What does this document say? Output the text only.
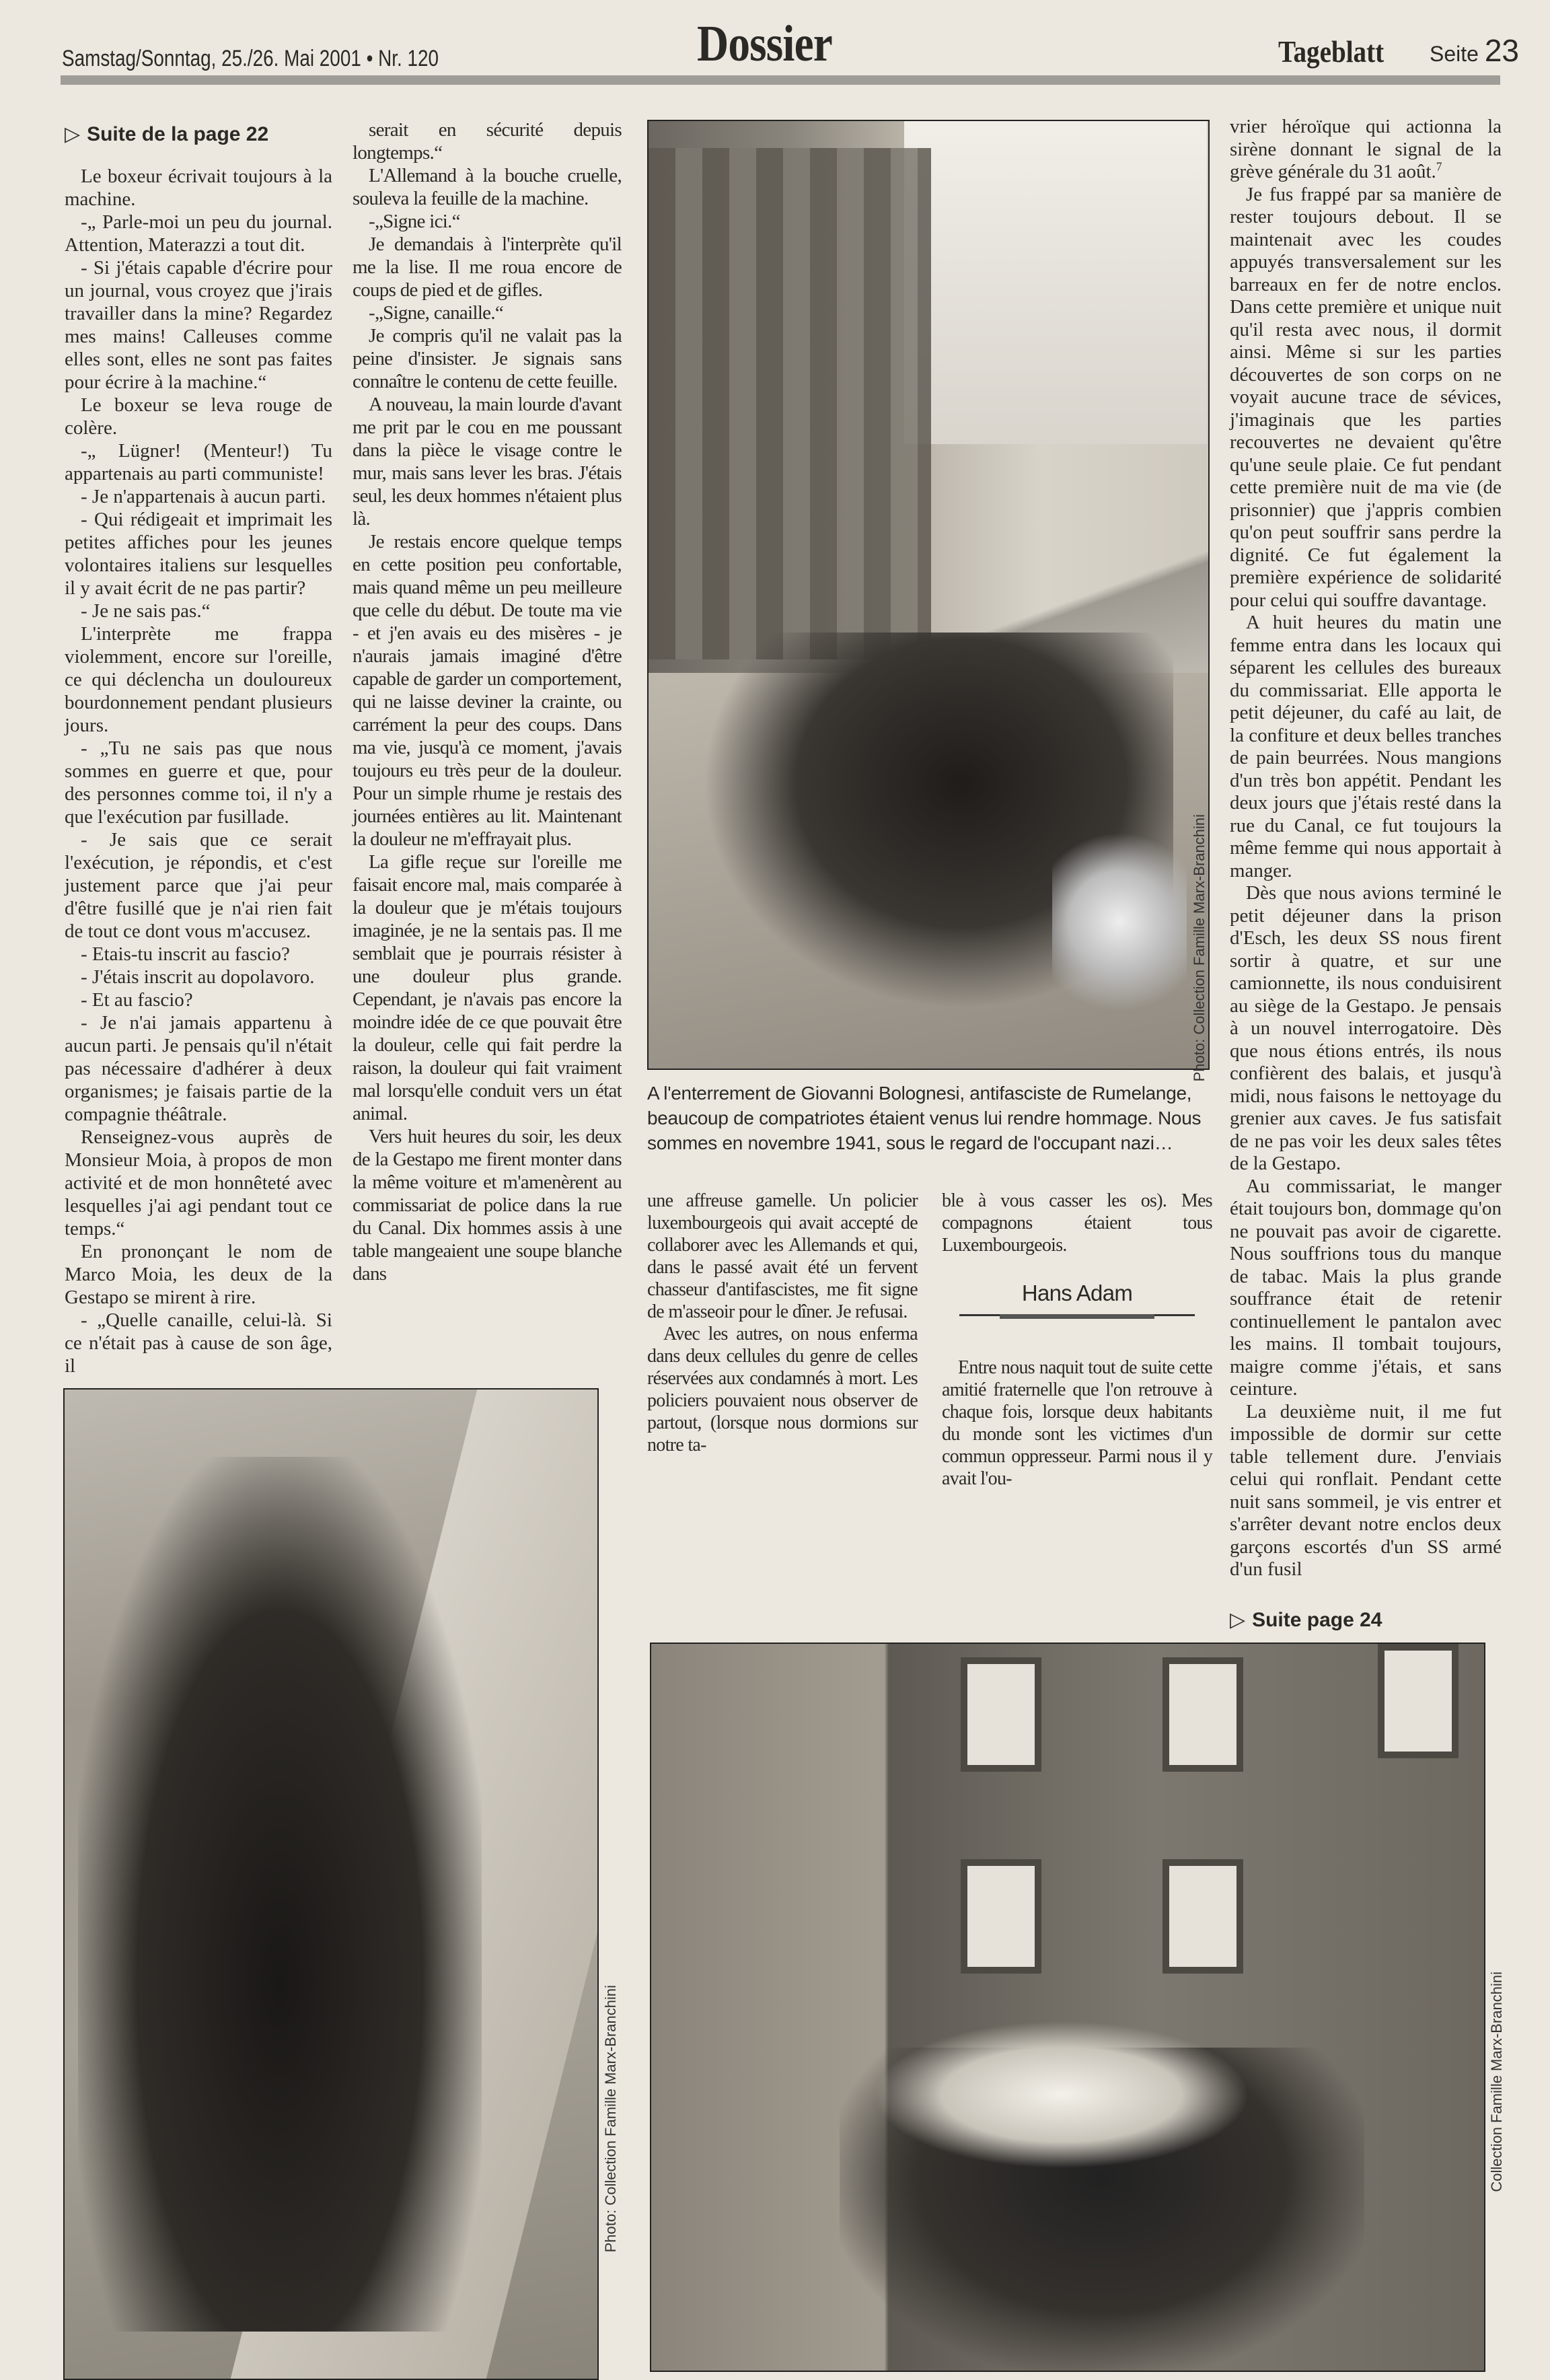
Samstag/Sonntag, 25./26. Mai 2001 • Nr. 120	Dossier	Tageblatt Seite 23

▷ Suite de la page 22

Le boxeur écrivait toujours à la machine.

-„ Parle-moi un peu du journal. Attention, Materazzi a tout dit.

- Si j'étais capable d'écrire pour un journal, vous croyez que j'irais travailler dans la mine? Regardez mes mains! Calleuses comme elles sont, elles ne sont pas faites pour écrire à la machine.“

Le boxeur se leva rouge de colère.

-„ Lügner! (Menteur!) Tu appartenais au parti communiste!

- Je n'appartenais à aucun parti.

- Qui rédigeait et imprimait les petites affiches pour les jeunes volontaires italiens sur lesquelles il y avait écrit de ne pas partir?

- Je ne sais pas.“

L'interprète me frappa violemment, encore sur l'oreille, ce qui déclencha un douloureux bourdonnement pendant plusieurs jours.

- „Tu ne sais pas que nous sommes en guerre et que, pour des personnes comme toi, il n'y a que l'exécution par fusillade.

- Je sais que ce serait l'exécution, je répondis, et c'est justement parce que j'ai peur d'être fusillé que je n'ai rien fait de tout ce dont vous m'accusez.

- Etais-tu inscrit au fascio?

- J'étais inscrit au dopolavoro.

- Et au fascio?

- Je n'ai jamais appartenu à aucun parti. Je pensais qu'il n'était pas nécessaire d'adhérer à deux organismes; je faisais partie de la compagnie théâtrale.

Renseignez-vous auprès de Monsieur Moia, à propos de mon activité et de mon honnêteté avec lesquelles j'ai agi pendant tout ce temps.“

En prononçant le nom de Marco Moia, les deux de la Gestapo se mirent à rire.

- „Quelle canaille, celui-là. Si ce n'était pas à cause de son âge, il

serait en sécurité depuis longtemps.“

L'Allemand à la bouche cruelle, souleva la feuille de la machine.

-„Signe ici.“

Je demandais à l'interprète qu'il me la lise. Il me roua encore de coups de pied et de gifles.

-„Signe, canaille.“

Je compris qu'il ne valait pas la peine d'insister. Je signais sans connaître le contenu de cette feuille.

A nouveau, la main lourde d'avant me prit par le cou en me poussant dans la pièce le visage contre le mur, mais sans lever les bras. J'étais seul, les deux hommes n'étaient plus là.

Je restais encore quelque temps en cette position peu confortable, mais quand même un peu meilleure que celle du début. De toute ma vie - et j'en avais eu des misères - je n'aurais jamais imaginé d'être capable de garder un comportement, qui ne laisse deviner la crainte, ou carrément la peur des coups. Dans ma vie, jusqu'à ce moment, j'avais toujours eu très peur de la douleur. Pour un simple rhume je restais des journées entières au lit. Maintenant la douleur ne m'effrayait plus.

La gifle reçue sur l'oreille me faisait encore mal, mais comparée à la douleur que je m'étais toujours imaginée, je ne la sentais pas. Il me semblait que je pourrais résister à une douleur plus grande. Cependant, je n'avais pas encore la moindre idée de ce que pouvait être la douleur, celle qui fait perdre la raison, la douleur qui fait vraiment mal lorsqu'elle conduit vers un état animal.

Vers huit heures du soir, les deux de la Gestapo me firent monter dans la même voiture et m'amenèrent au commissariat de police dans la rue du Canal. Dix hommes assis à une table mangeaient une soupe blanche dans

Photo: Collection Famille Marx-Branchini
A l'enterrement de Giovanni Bolognesi, antifasciste de Rumelange, beaucoup de compatriotes étaient venus lui rendre hommage. Nous sommes en novembre 1941, sous le regard de l'occupant nazi…

une affreuse gamelle. Un policier luxembourgeois qui avait accepté de collaborer avec les Allemands et qui, dans le passé avait été un fervent chasseur d'antifascistes, me fit signe de m'asseoir pour le dîner. Je refusai.

Avec les autres, on nous enferma dans deux cellules du genre de celles réservées aux condamnés à mort. Les policiers pouvaient nous observer de partout, (lorsque nous dormions sur notre ta-

ble à vous casser les os). Mes compagnons étaient tous Luxembourgeois.

Hans Adam

Entre nous naquit tout de suite cette amitié fraternelle que l'on retrouve à chaque fois, lorsque deux habitants du monde sont les victimes d'un commun oppresseur. Parmi nous il y avait l'ou-

vrier héroïque qui actionna la sirène donnant le signal de la grève générale du 31 août.$^7$

Je fus frappé par sa manière de rester toujours debout. Il se maintenait avec les coudes appuyés transversalement sur les barreaux en fer de notre enclos. Dans cette première et unique nuit qu'il resta avec nous, il dormit ainsi. Même si sur les parties découvertes de son corps on ne voyait aucune trace de sévices, j'imaginais que les parties recouvertes ne devaient qu'être qu'une seule plaie. Ce fut pendant cette première nuit de ma vie (de prisonnier) que j'appris combien qu'on peut souffrir sans perdre la dignité. Ce fut également la première expérience de solidarité pour celui qui souffre davantage.

A huit heures du matin une femme entra dans les locaux qui séparent les cellules des bureaux du commissariat. Elle apporta le petit déjeuner, du café au lait, de la confiture et deux belles tranches de pain beurrées. Nous mangions d'un très bon appétit. Pendant les deux jours que j'étais resté dans la rue du Canal, ce fut toujours la même femme qui nous apportait à manger.

Dès que nous avions terminé le petit déjeuner dans la prison d'Esch, les deux SS nous firent sortir à quatre, et sur une camionnette, ils nous conduisirent au siège de la Gestapo. Je pensais à un nouvel interrogatoire. Dès que nous étions entrés, ils nous confièrent des balais, et jusqu'à midi, nous faisons le nettoyage du grenier aux caves. Je fus satisfait de ne pas voir les deux sales têtes de la Gestapo.

Au commissariat, le manger était toujours bon, dommage qu'on ne pouvait pas avoir de cigarette. Nous souffrions tous du manque de tabac. Mais la plus grande souffrance était de retenir continuellement le pantalon avec les mains. Il tombait toujours, maigre comme j'étais, et sans ceinture.

La deuxième nuit, il me fut impossible de dormir sur cette table tellement dure. J'enviais celui qui ronflait. Pendant cette nuit sans sommeil, je vis entrer et s'arrêter devant notre enclos deux garçons escortés d'un SS armé d'un fusil

▷ Suite page 24
Photo: Collection Famille Marx-Branchini	Collection Famille Marx-Branchini
